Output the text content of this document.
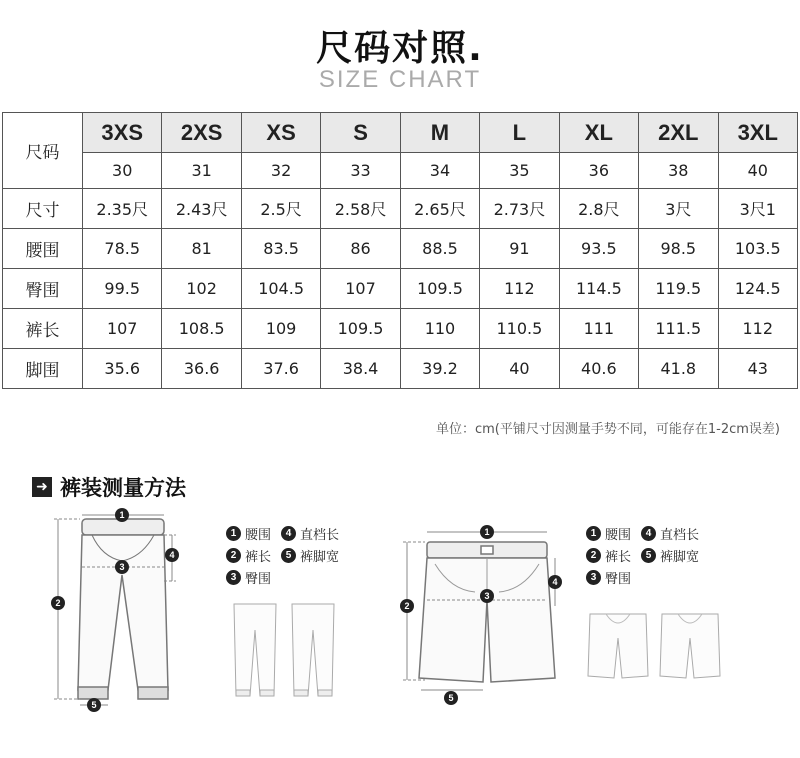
尺码对照.
SIZE CHART
尺码	3XS	2XS	XS	S	M	L	XL	2XL	3XL
	30	31	32	33	34	35	36	38	40
尺寸	2.35尺	2.43尺	2.5尺	2.58尺	2.65尺	2.73尺	2.8尺	3尺	3尺1
腰围	78.5	81	83.5	86	88.5	91	93.5	98.5	103.5
臀围	99.5	102	104.5	107	109.5	112	114.5	119.5	124.5
裤长	107	108.5	109	109.5	110	110.5	111	111.5	112
脚围	35.6	36.6	37.6	38.4	39.2	40	40.6	41.8	43
单位：cm(平铺尺寸因测量手势不同，可能存在1-2cm误差)
➜ 裤装测量方法
1
2
3
4
5
1 腰围	4 直档长
2 裤长	5 裤脚宽
3 臀围
1
2
3
4
5
1 腰围	4 直档长
2 裤长	5 裤脚宽
3 臀围
